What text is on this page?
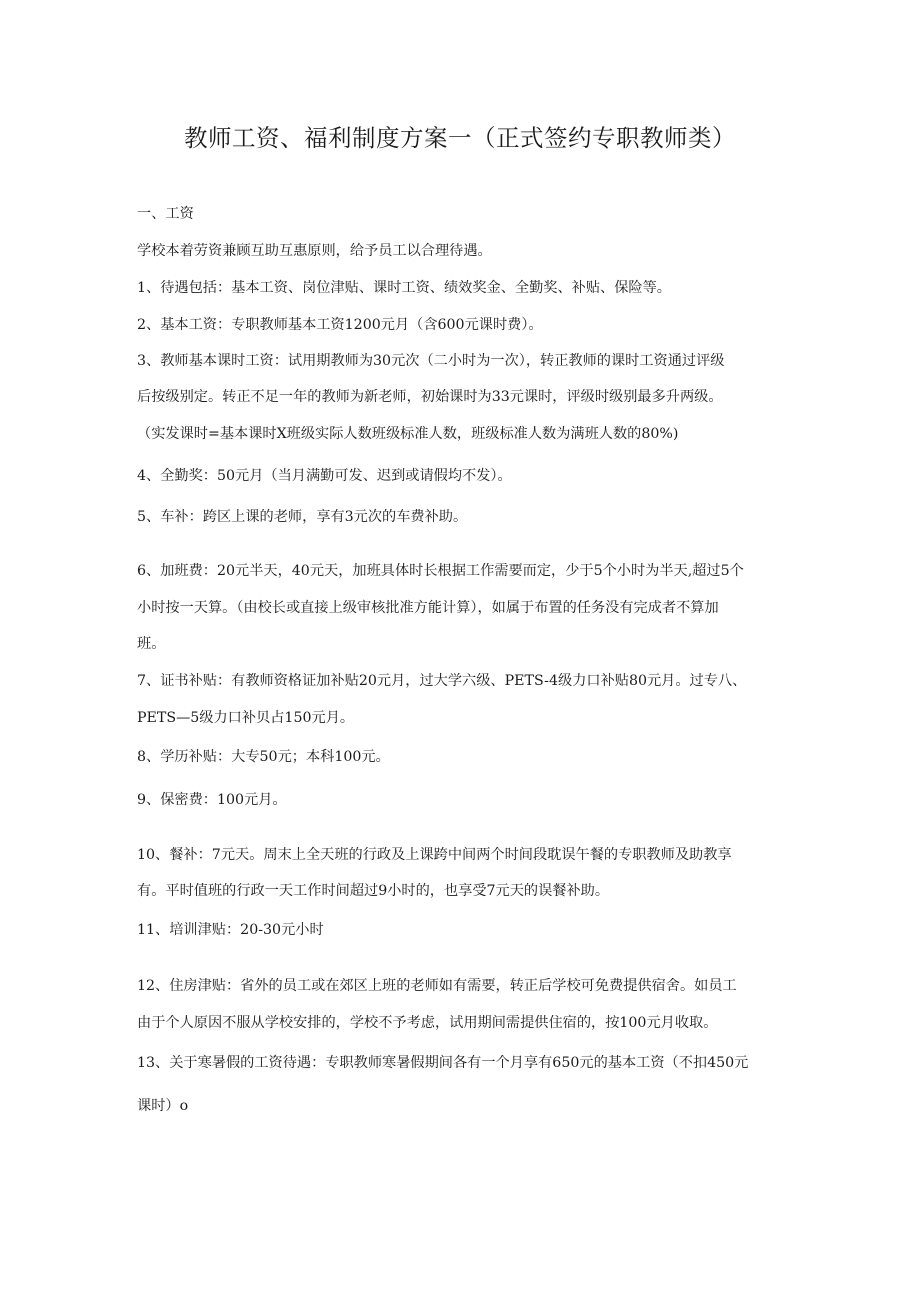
教师工资、福利制度方案一（正式签约专职教师类）
一、工资
学校本着劳资兼顾互助互惠原则，给予员工以合理待遇。
1、待遇包括：基本工资、岗位津贴、课时工资、绩效奖金、全勤奖、补贴、保险等。
2、基本工资：专职教师基本工资1200元月（含600元课时费）。
3、教师基本课时工资：试用期教师为30元次（二小时为一次），转正教师的课时工资通过评级
后按级别定。转正不足一年的教师为新老师，初始课时为33元课时，评级时级别最多升两级。
（实发课时=基本课时X班级实际人数班级标准人数，班级标准人数为满班人数的80%)
4、全勤奖：50元月（当月满勤可发、迟到或请假均不发）。
5、车补：跨区上课的老师，享有3元次的车费补助。
6、加班费：20元半天，40元天，加班具体时长根据工作需要而定，少于5个小时为半天,超过5个
小时按一天算。（由校长或直接上级审核批准方能计算），如属于布置的任务没有完成者不算加
班。
7、证书补贴：有教师资格证加补贴20元月，过大学六级、PETS-4级力口补贴80元月。过专八、
PETS—5级力口补贝占150元月。
8、学历补贴：大专50元；本科100元。
9、保密费：100元月。
10、餐补：7元天。周末上全天班的行政及上课跨中间两个时间段耽误午餐的专职教师及助教享
有。平时值班的行政一天工作时间超过9小时的，也享受7元天的误餐补助。
11、培训津贴：20-30元小时
12、住房津贴：省外的员工或在郊区上班的老师如有需要，转正后学校可免费提供宿舍。如员工
由于个人原因不服从学校安排的，学校不予考虑，试用期间需提供住宿的，按100元月收取。
13、关于寒暑假的工资待遇：专职教师寒暑假期间各有一个月享有650元的基本工资（不扣450元
课时）o
